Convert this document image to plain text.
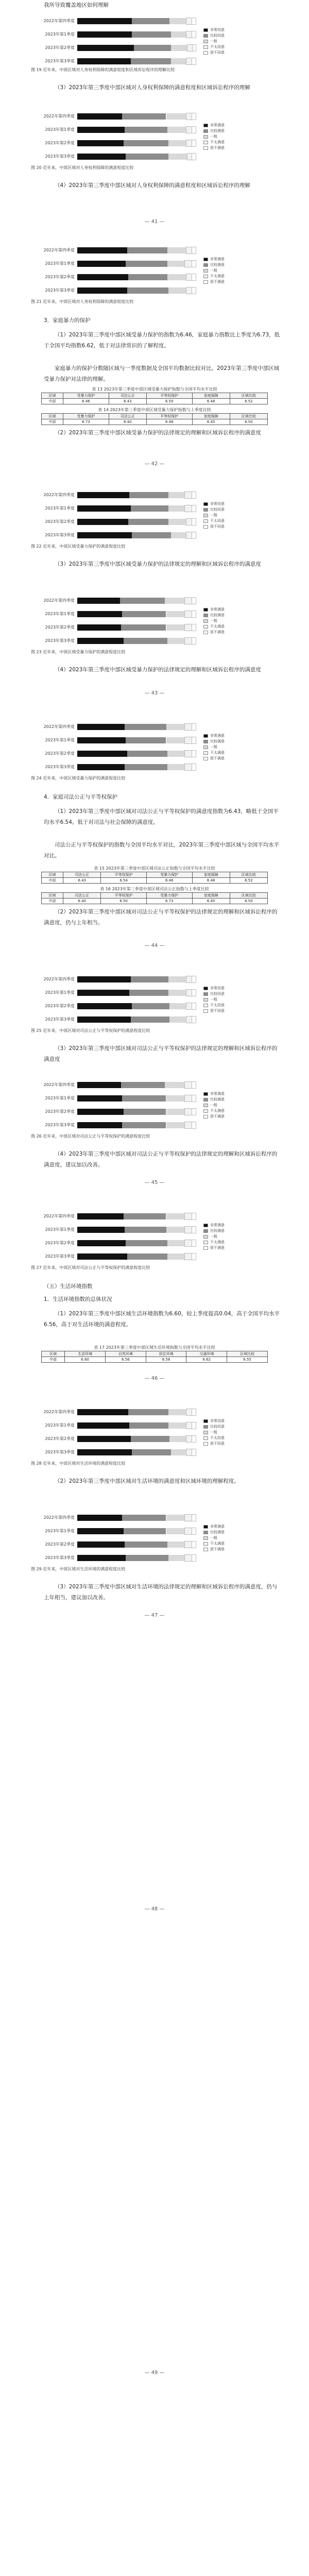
2022年第四季度
2023年第1季度
2023年第2季度
2023年第3季度
非常同意
比较同意
一般
不太同意
很不同意
图 19 近年来，中部区域对人身权利保障的满意程度和区域诉讼程序的理解比较
我所导致覆盖地区如何理解
（3）2023年第三季度中部区域对人身权利保障的满意程度和区域诉讼程序的理解
2022年第四季度
2023年第1季度
2023年第2季度
2023年第3季度
非常满意
比较满意
一般
不太满意
很不满意
图 20 近年来，中部区域对人身权利保障的满意程度比较
（4）2023年第三季度中部区域对人身权利保障的满意程度和区域诉讼程序的理解
— 41 —
2022年第四季度
2023年第1季度
2023年第2季度
2023年第3季度
非常满意
比较满意
一般
不太满意
很不满意
图 21 近年来，中部区域对人身权利保障的满意程度比较
3．家庭暴力的保护
（1）2023年第三季度中部区域受暴力保护的指数为6.46，家庭暴力指数比上季度为6.73，低于全国平均指数6.62，低于对法律常识的了解程度。
家庭暴力的保护分数随区域与一季度数据及全国平均数据比较对比。2023年第三季度中部区域受暴力保护对法律的理解。
表 13 2023年第三季度中部区域受暴力保护指数与全国平均水平比较
区域	受暴力保护	司法公正	平等权保护	家庭保障	区域比较
中部	6.46	6.43	6.50	6.48	6.52
表 14 2023年第三季度中部区域受暴力保护指数与上季度比较
区域	受暴力保护	司法公正	平等权保护	家庭保障	区域比较
中部	6.73	6.40	6.48	6.45	6.50
（2）2023年第三季度中部区域受暴力保护的法律规定的理解和区域诉讼程序的满意度
— 42 —
2022年第四季度
2023年第1季度
2023年第2季度
2023年第3季度
非常同意
比较同意
一般
不太同意
很不同意
图 22 近年来，中部区域受暴力保护的满意程度比较
（3）2023年第三季度中部区域受暴力保护的法律规定的理解和区域诉讼程序的满意度
2022年第四季度
2023年第1季度
2023年第2季度
2023年第3季度
非常满意
比较满意
一般
不太满意
很不满意
图 23 近年来，中部区域受暴力保护的满意程度比较
（4）2023年第三季度中部区域受暴力保护的法律规定的理解和区域诉讼程序的满意度
— 43 —
2022年第四季度
2023年第1季度
2023年第2季度
2023年第3季度
非常满意
比较满意
一般
不太满意
很不满意
图 24 近年来，中部区域受暴力保护的满意程度比较
4．家庭司法公正与平等权保护
（1）2023年第三季度中部区域对司法公正与平等权保护的满意度指数为6.43，略低于全国平均水平6.54。低于对司法与社会保障的满意度。
司法公正与平等权保护的指数与全国平均水平对比，2023年第三季度中部区域与全国平均水平对比。
表 15 2023年第三季度中部区域司法公正指数与全国平均水平比较
区域	司法公正	平等权保护	受暴力保护	家庭保障	区域比较
中部	6.43	6.54	6.46	6.48	6.52
表 16 2023年第三季度中部区域司法公正指数与上季度比较
区域	司法公正	平等权保护	受暴力保护	家庭保障	区域比较
中部	6.40	6.50	6.73	6.45	6.50
（2）2023年第三季度中部区域对司法公正与平等权保护的法律规定的理解和区域诉讼程序的满意度，仍与上年相当。
— 44 —
2022年第四季度
2023年第1季度
2023年第2季度
2023年第3季度
非常同意
比较同意
一般
不太同意
很不同意
图 25 近年来，中部区域对司法公正与平等权保护的满意程度比较
（3）2023年第三季度中部区域对司法公正与平等权保护的法律规定的理解和区域诉讼程序的满意度
2022年第四季度
2023年第1季度
2023年第2季度
2023年第3季度
非常满意
比较满意
一般
不太满意
很不满意
图 26 近年来，中部区域对司法公正与平等权保护的满意程度比较
（4）2023年第三季度中部区域对司法公正与平等权保护的法律规定的理解和区域诉讼程序的满意度，建议加以改善。
— 45 —
2022年第四季度
2023年第1季度
2023年第2季度
2023年第3季度
非常满意
比较满意
一般
不太满意
很不满意
图 27 近年来，中部区域对司法公正与平等权保护的满意程度比较
（五）生活环境指数
1．生活环境指数的总体状况
（1）2023年第三季度中部区域生活环境指数为6.60，较上季度提高0.04，高于全国平均水平6.56，高于对生活环境的满意程度。
表 17 2023年第三季度中部区域生活环境指数与全国平均水平比较
区域	生活环境	自然环境	居住环境	交通环境	区域比较
中部	6.60	6.56	6.58	6.62	6.55
— 46 —
2022年第四季度
2023年第1季度
2023年第2季度
2023年第3季度
非常同意
比较同意
一般
不太同意
很不同意
图 28 近年来，中部区域对生活环境的满意程度比较
（2）2023年第三季度中部区域对生活环境的满意度和区域环境的理解程度。
2022年第四季度
2023年第1季度
2023年第2季度
2023年第3季度
非常满意
比较满意
一般
不太满意
很不满意
图 29 近年来，中部区域对生活环境的满意程度比较
（3）2023年第三季度中部区域对生活环境的法律规定的理解和区域诉讼程序的满意度，仍与上年相当，建议加以改善。
— 47 —
— 48 —
— 49 —
